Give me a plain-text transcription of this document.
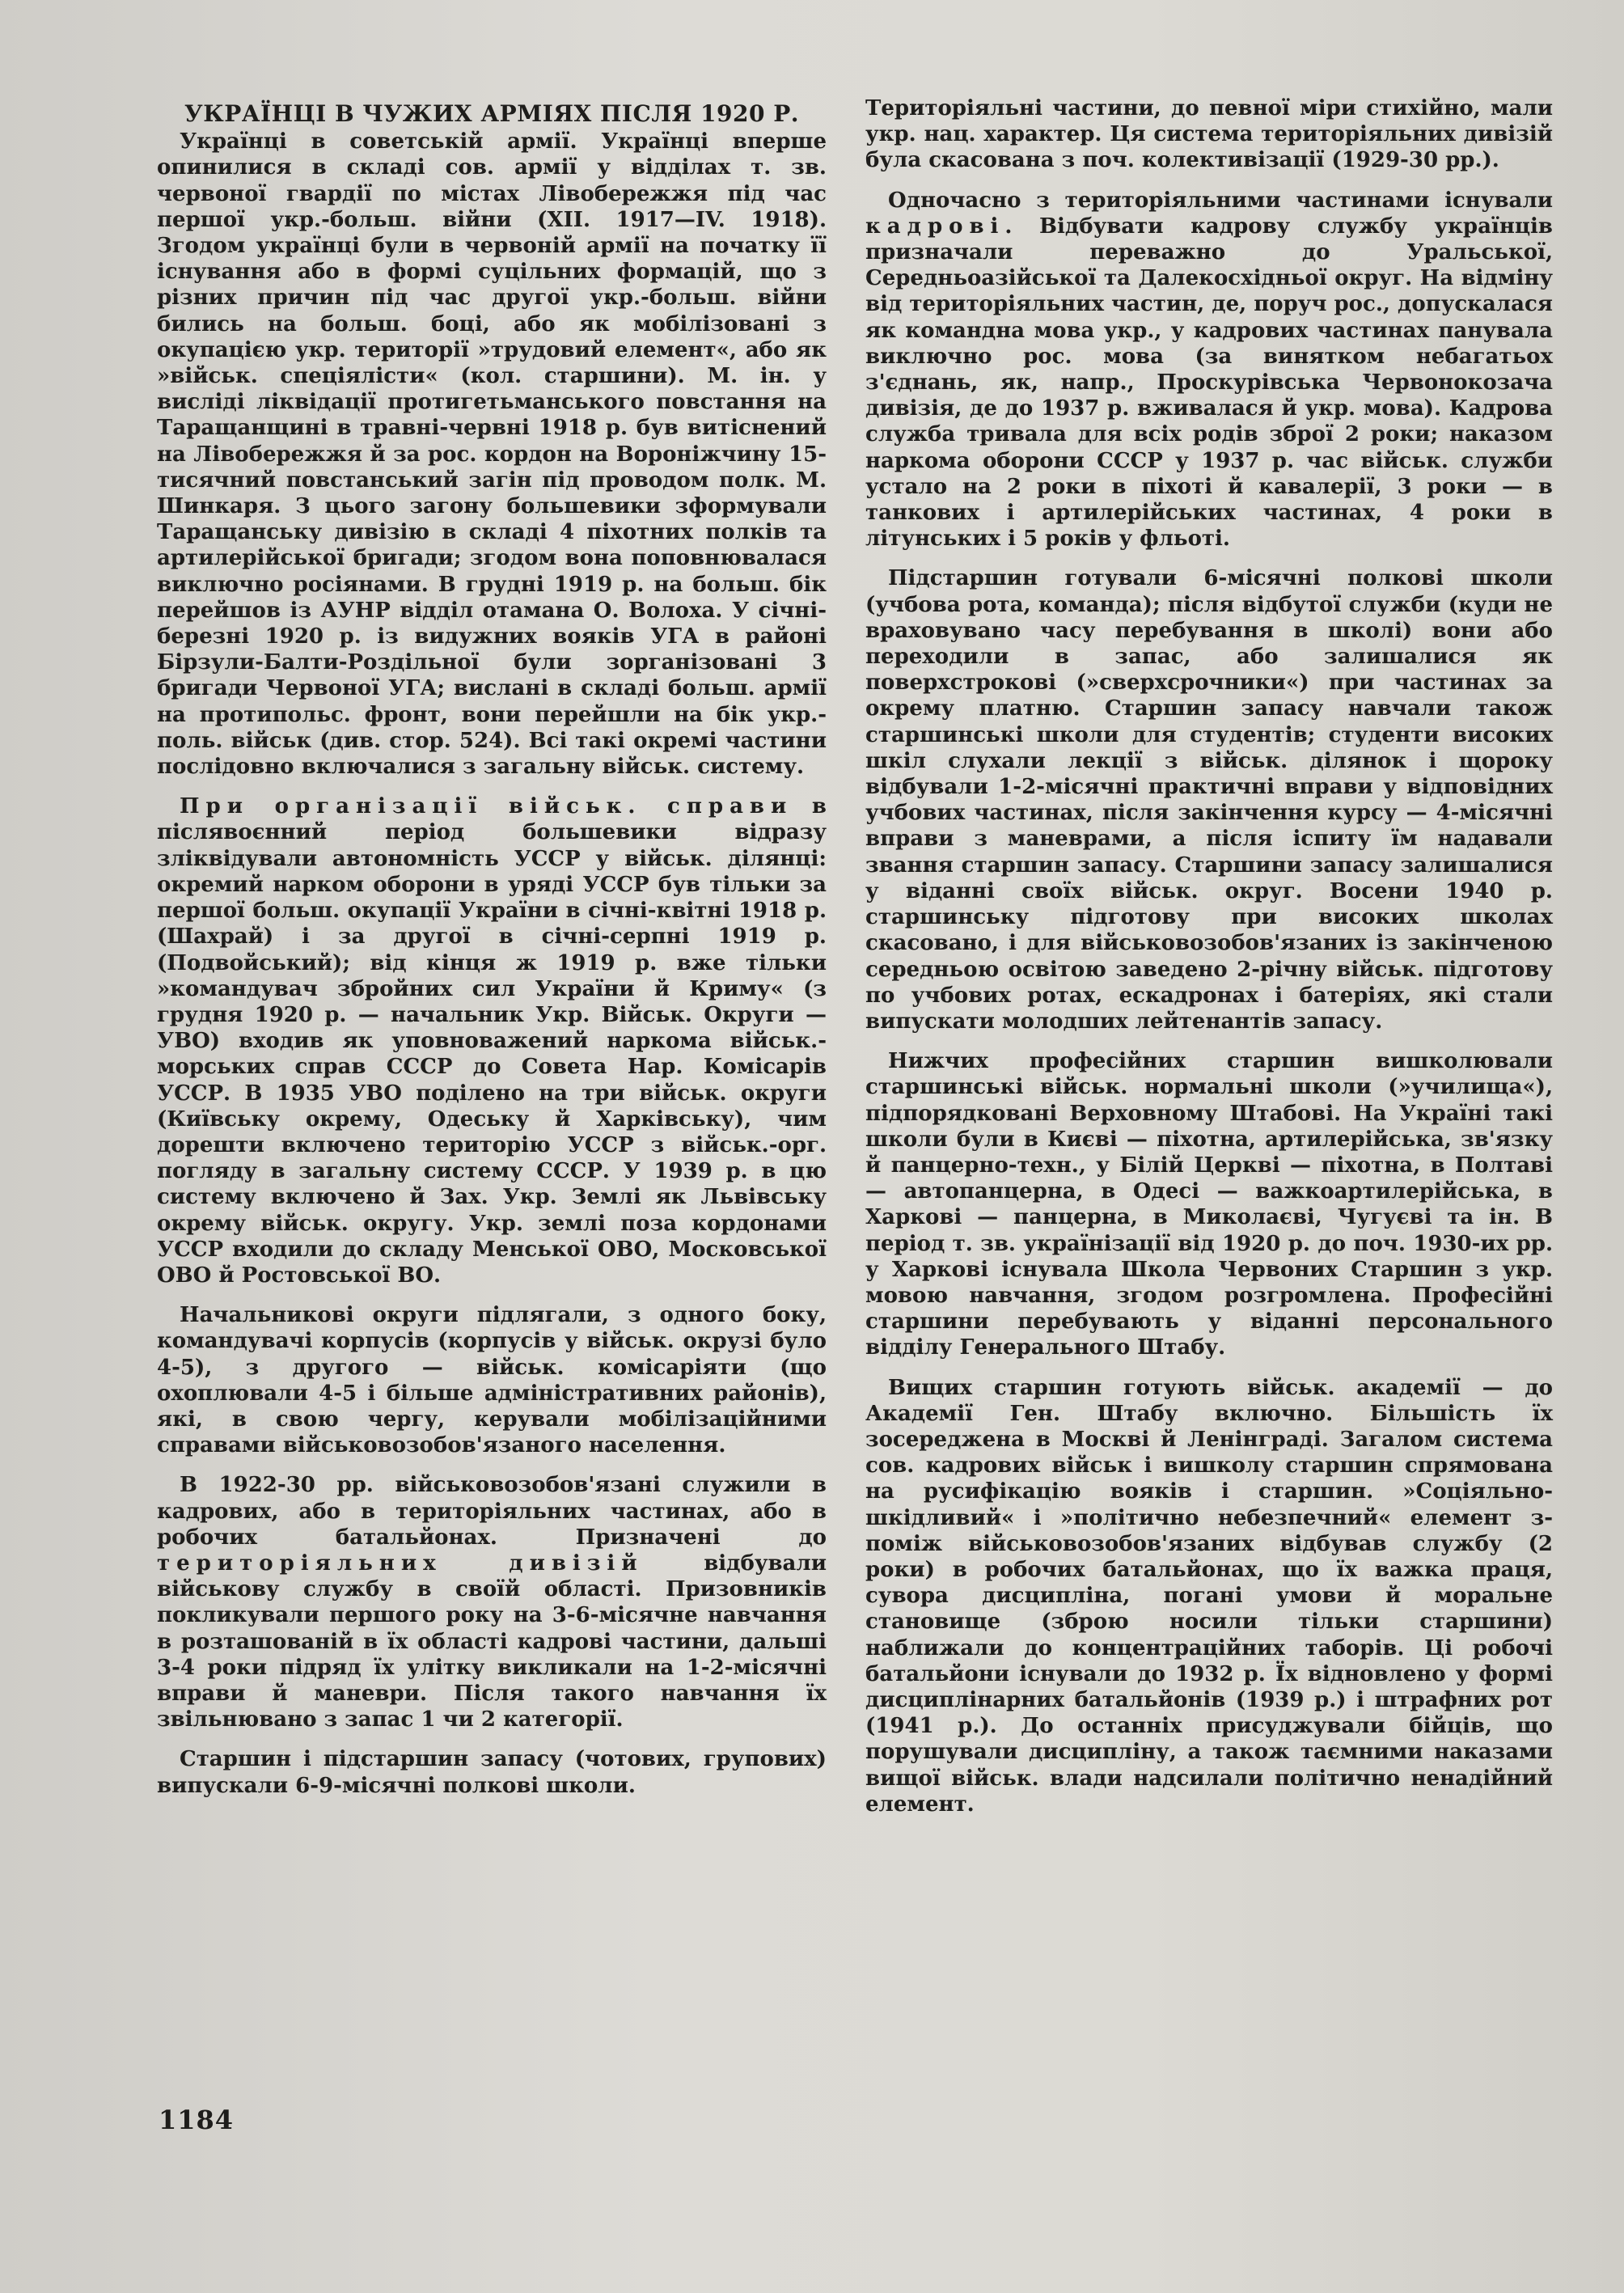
УКРАЇНЦІ В ЧУЖИХ АРМІЯХ ПІСЛЯ 1920 Р.

Українці в советській армії. Українці вперше опинилися в складі сов. армії у відділах т. зв. червоної гвардії по містах Лівобережжя під час першої укр.-больш. війни (XII. 1917—IV. 1918). Згодом українці були в червоній армії на початку її існування або в формі суцільних формацій, що з різних причин під час другої укр.-больш. війни бились на больш. боці, або як мобілізовані з окупацією укр. території »трудовий елемент«, або як »військ. спеціялісти« (кол. старшини). М. ін. у висліді ліквідації протигетьманського повстання на Таращанщині в травні-червні 1918 р. був витіснений на Лівобережжя й за рос. кордон на Вороніжчину 15-тисячний повстанський загін під проводом полк. М. Шинкаря. З цього загону большевики зформували Таращанську дивізію в складі 4 піхотних полків та артилерійської бригади; згодом вона поповнювалася виключно росіянами. В грудні 1919 р. на больш. бік перейшов із АУНР відділ отамана О. Волоха. У січні-березні 1920 р. із видужних вояків УГА в районі Бірзули-Балти-Роздільної були зорганізовані 3 бригади Червоної УГА; вислані в складі больш. армії на протипольс. фронт, вони перейшли на бік укр.-поль. військ (див. стор. 524). Всі такі окремі частини послідовно включалися з загальну військ. систему.

При організації військ. справи в післявоєнний період большевики відразу зліквідували автономність УССР у військ. ділянці: окремий нарком оборони в уряді УССР був тільки за першої больш. окупації України в січні-квітні 1918 р. (Шахрай) і за другої в січні-серпні 1919 р. (Подвойський); від кінця ж 1919 р. вже тільки »командувач збройних сил України й Криму« (з грудня 1920 р. — начальник Укр. Військ. Округи — УВО) входив як уповноважений наркома військ.-морських справ СССР до Совета Нар. Комісарів УССР. В 1935 УВО поділено на три військ. округи (Київську окрему, Одеську й Харківську), чим дорешти включено територію УССР з військ.-орг. погляду в загальну систему СССР. У 1939 р. в цю систему включено й Зах. Укр. Землі як Львівську окрему військ. округу. Укр. землі поза кордонами УССР входили до складу Менської ОВО, Московської ОВО й Ростовської ВО.

Начальникові округи підлягали, з одного боку, командувачі корпусів (корпусів у військ. окрузі було 4-5), з другого — військ. комісаріяти (що охоплювали 4-5 і більше адміністративних районів), які, в свою чергу, керували мобілізаційними справами військовозобов'язаного населення.

В 1922-30 рр. військовозобов'язані служили в кадрових, або в територіяльних частинах, або в робочих батальйонах. Призначені до територіяльних дивізій відбували військову службу в своїй області. Призовників покликували першого року на 3-6-місячне навчання в розташованій в їх області кадрові частини, дальші 3-4 роки підряд їх улітку викликали на 1-2-місячні вправи й маневри. Після такого навчання їх звільнювано з запас 1 чи 2 категорії.

Старшин і підстаршин запасу (чотових, групових) випускали 6-9-місячні полкові школи.

Територіяльні частини, до певної міри стихійно, мали укр. нац. характер. Ця система територіяльних дивізій була скасована з поч. колективізації (1929-30 рр.).

Одночасно з територіяльними частинами існували кадрові. Відбувати кадрову службу українців призначали переважно до Уральської, Середньоазійської та Далекосхідньої округ. На відміну від територіяльних частин, де, поруч рос., допускалася як командна мова укр., у кадрових частинах панувала виключно рос. мова (за винятком небагатьох з'єднань, як, напр., Проскурівська Червонокозача дивізія, де до 1937 р. вживалася й укр. мова). Кадрова служба тривала для всіх родів зброї 2 роки; наказом наркома оборони СССР у 1937 р. час військ. служби устало на 2 роки в піхоті й кавалерії, 3 роки — в танкових і артилерійських частинах, 4 роки в літунських і 5 років у фльоті.

Підстаршин готували 6-місячні полкові школи (учбова рота, команда); після відбутої служби (куди не враховувано часу перебування в школі) вони або переходили в запас, або залишалися як поверхстрокові (»сверхсрочники«) при частинах за окрему платню. Старшин запасу навчали також старшинські школи для студентів; студенти високих шкіл слухали лекції з військ. ділянок і щороку відбували 1-2-місячні практичні вправи у відповідних учбових частинах, після закінчення курсу — 4-місячні вправи з маневрами, а після іспиту їм надавали звання старшин запасу. Старшини запасу залишалися у віданні своїх військ. округ. Восени 1940 р. старшинську підготову при високих школах скасовано, і для військовозобов'язаних із закінченою середньою освітою заведено 2-річну військ. підготову по учбових ротах, ескадронах і батеріях, які стали випускати молодших лейтенантів запасу.

Нижчих професійних старшин вишколювали старшинські військ. нормальні школи (»училища«), підпорядковані Верховному Штабові. На Україні такі школи були в Києві — піхотна, артилерійська, зв'язку й панцерно-техн., у Білій Церкві — піхотна, в Полтаві — автопанцерна, в Одесі — важкоартилерійська, в Харкові — панцерна, в Миколаєві, Чугуєві та ін. В період т. зв. українізації від 1920 р. до поч. 1930-их рр. у Харкові існувала Школа Червоних Старшин з укр. мовою навчання, згодом розгромлена. Професійні старшини перебувають у віданні персонального відділу Генерального Штабу.

Вищих старшин готують військ. академії — до Академії Ген. Штабу включно. Більшість їх зосереджена в Москві й Ленінграді. Загалом система сов. кадрових військ і вишколу старшин спрямована на русифікацію вояків і старшин. »Соціяльно-шкідливий« і »політично небезпечний« елемент з-поміж військовозобов'язаних відбував службу (2 роки) в робочих батальйонах, що їх важка праця, сувора дисципліна, погані умови й моральне становище (зброю носили тільки старшини) наближали до концентраційних таборів. Ці робочі батальйони існували до 1932 р. Їх відновлено у формі дисциплінарних батальйонів (1939 р.) і штрафних рот (1941 р.). До останніх присуджували бійців, що порушували дисципліну, а також таємними наказами вищої військ. влади надсилали політично ненадійний елемент.

1184
